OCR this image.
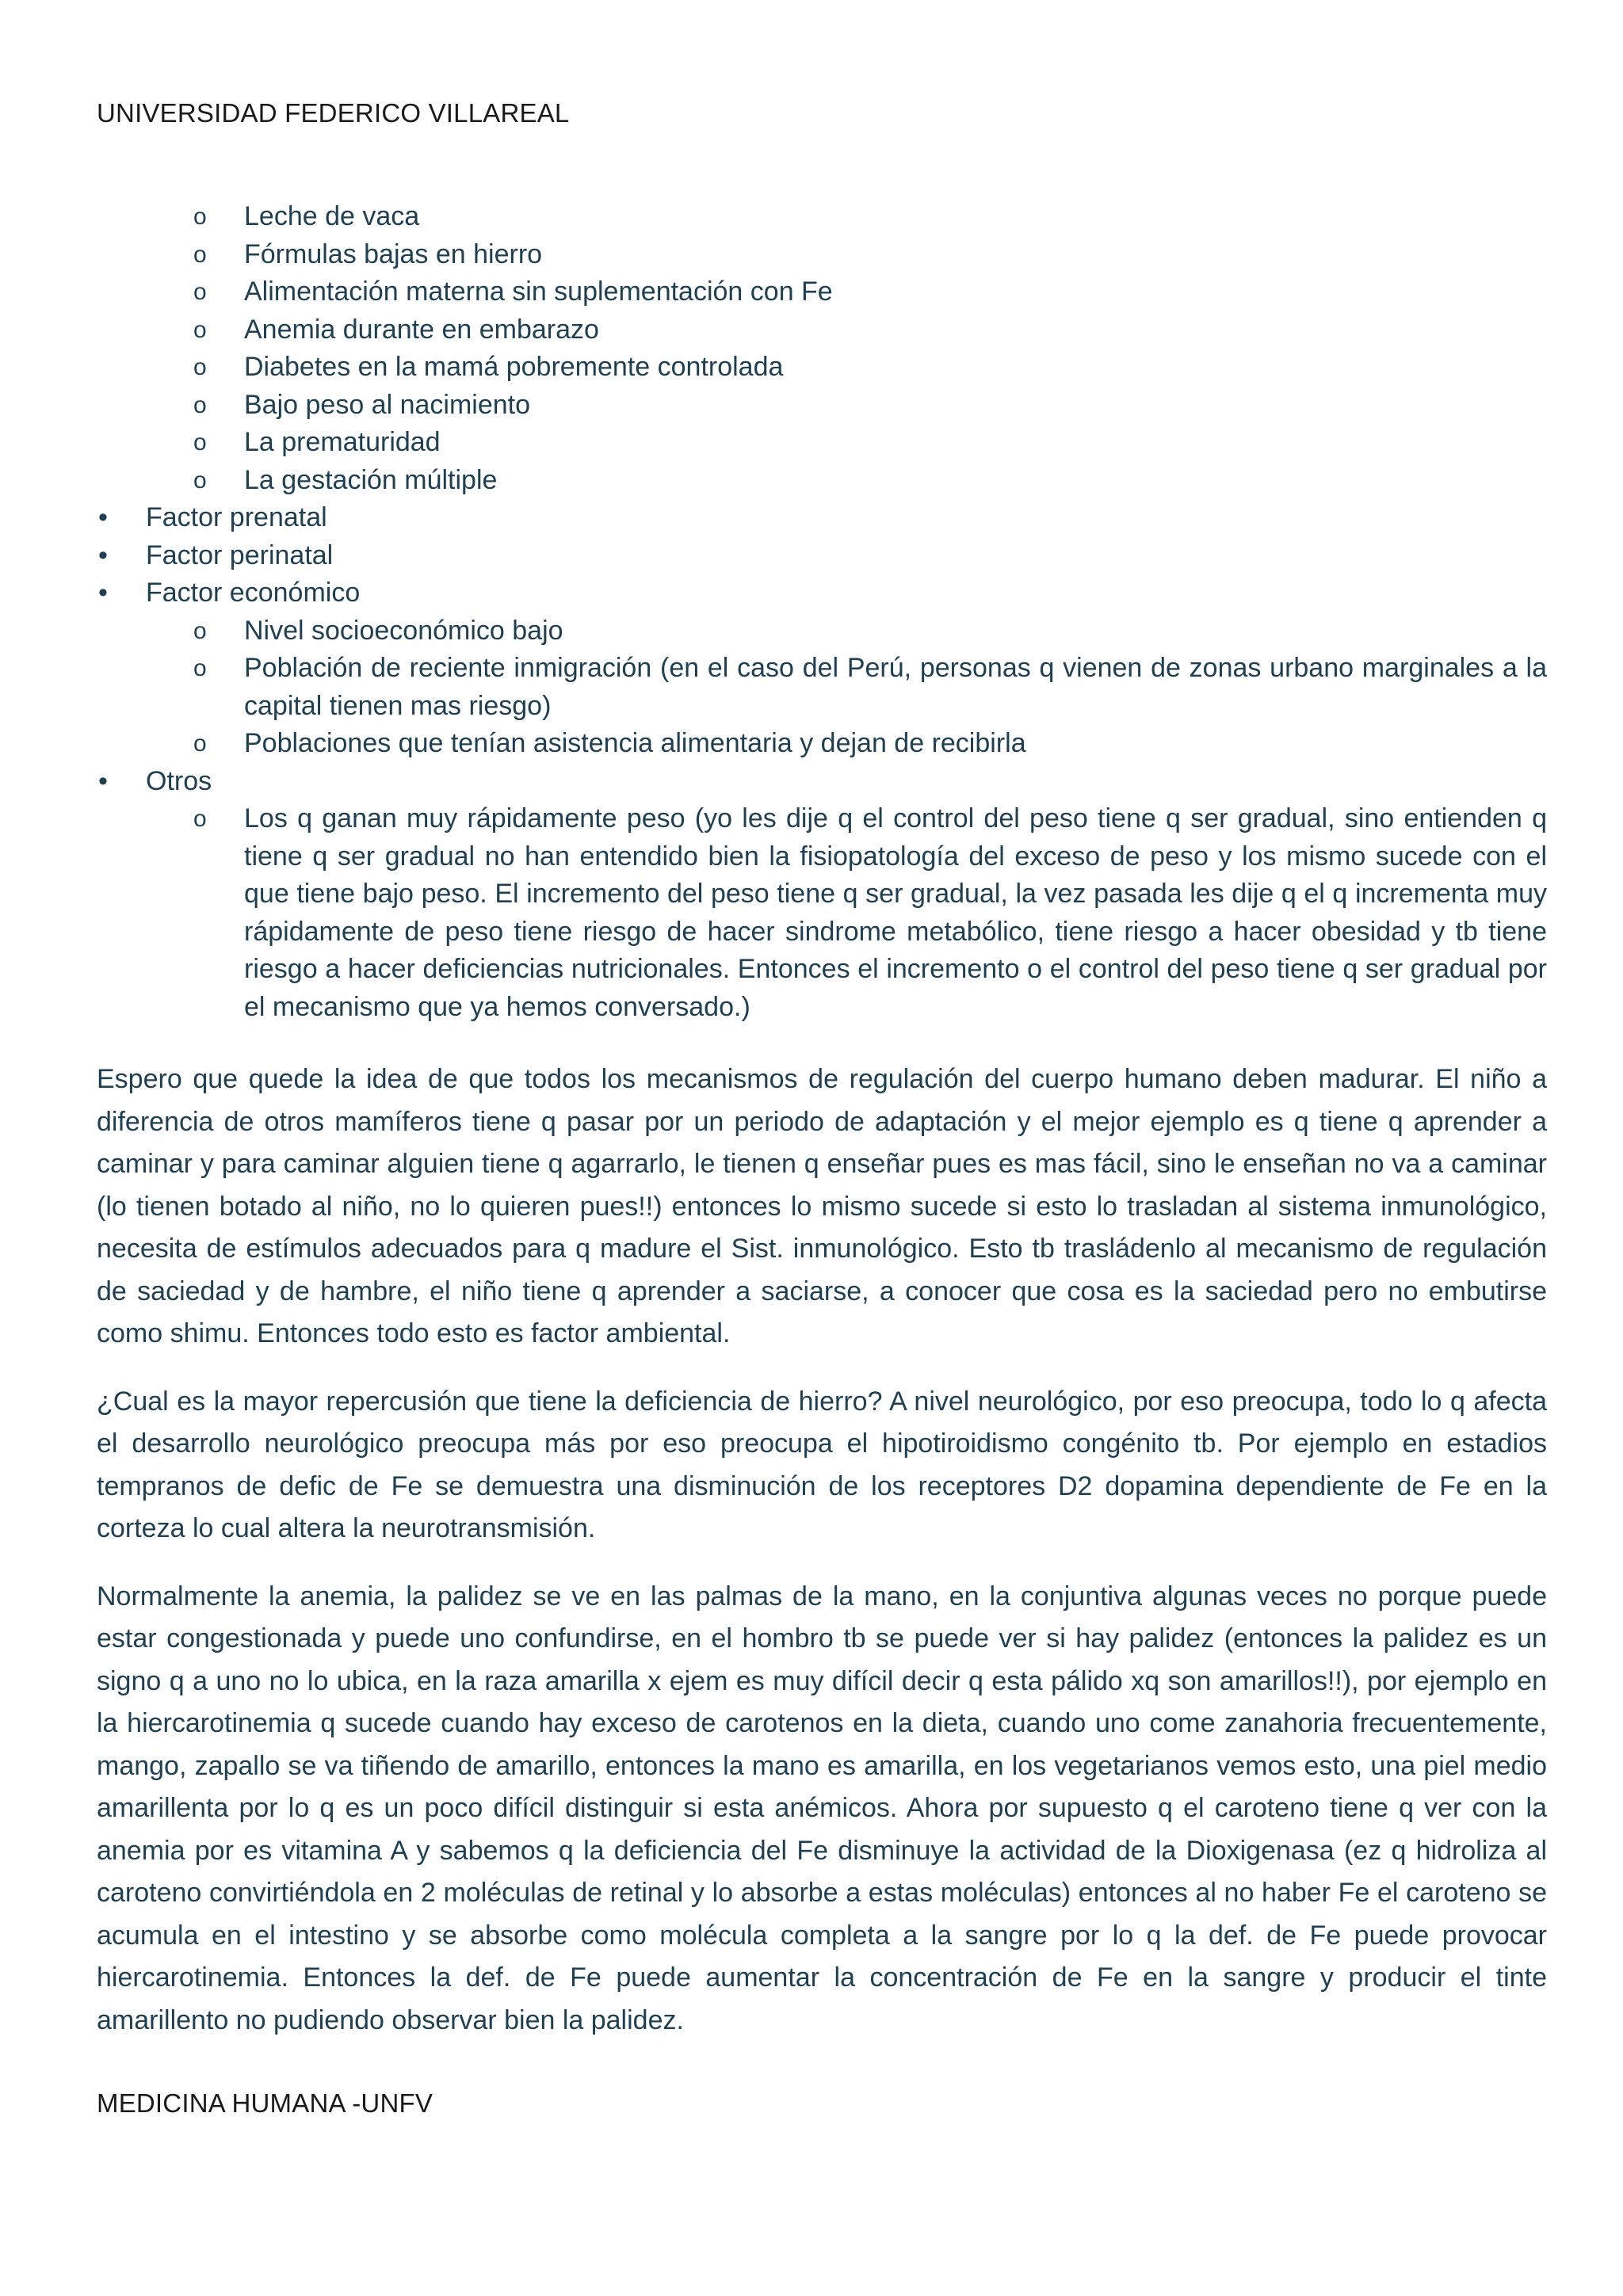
UNIVERSIDAD FEDERICO VILLAREAL
o Leche de vaca
o Fórmulas bajas en hierro
o Alimentación materna sin suplementación con Fe
o Anemia durante en embarazo
o Diabetes en la mamá pobremente controlada
o Bajo peso al nacimiento
o La prematuridad
o La gestación múltiple
• Factor prenatal
• Factor perinatal
• Factor económico
o Nivel socioeconómico bajo
o Población de reciente inmigración (en el caso del Perú, personas q vienen de zonas urbano marginales a la capital tienen mas riesgo)
o Poblaciones que tenían asistencia alimentaria y dejan de recibirla
• Otros
o Los q ganan muy rápidamente peso (yo les dije q el control del peso tiene q ser gradual, sino entienden q tiene q ser gradual no han entendido bien la fisiopatología del exceso de peso y los mismo sucede con el que tiene bajo peso. El incremento del peso tiene q ser gradual, la vez pasada les dije q el q incrementa muy rápidamente de peso tiene riesgo de hacer sindrome metabólico, tiene riesgo a hacer obesidad y tb tiene riesgo a hacer deficiencias nutricionales. Entonces el incremento o el control del peso tiene q ser gradual por el mecanismo que ya hemos conversado.)

Espero que quede la idea de que todos los mecanismos de regulación del cuerpo humano deben madurar. El niño a diferencia de otros mamíferos tiene q pasar por un periodo de adaptación y el mejor ejemplo es q tiene q aprender a caminar y para caminar alguien tiene q agarrarlo, le tienen q enseñar pues es mas fácil, sino le enseñan no va a caminar (lo tienen botado al niño, no lo quieren pues!!) entonces lo mismo sucede si esto lo trasladan al sistema inmunológico, necesita de estímulos adecuados para q madure el Sist. inmunológico. Esto tb trasládenlo al mecanismo de regulación de saciedad y de hambre, el niño tiene q aprender a saciarse, a conocer que cosa es la saciedad pero no embutirse como shimu. Entonces todo esto es factor ambiental.

¿Cual es la mayor repercusión que tiene la deficiencia de hierro? A nivel neurológico, por eso preocupa, todo lo q afecta el desarrollo neurológico preocupa más por eso preocupa el hipotiroidismo congénito tb. Por ejemplo en estadios tempranos de defic de Fe se demuestra una disminución de los receptores D2 dopamina dependiente de Fe en la corteza lo cual altera la neurotransmisión.

Normalmente la anemia, la palidez se ve en las palmas de la mano, en la conjuntiva algunas veces no porque puede estar congestionada y puede uno confundirse, en el hombro tb se puede ver si hay palidez (entonces la palidez es un signo q a uno no lo ubica, en la raza amarilla x ejem es muy difícil decir q esta pálido xq son amarillos!!), por ejemplo en la hiercarotinemia q sucede cuando hay exceso de carotenos en la dieta, cuando uno come zanahoria frecuentemente, mango, zapallo se va tiñendo de amarillo, entonces la mano es amarilla, en los vegetarianos vemos esto, una piel medio amarillenta por lo q es un poco difícil distinguir si esta anémicos. Ahora por supuesto q el caroteno tiene q ver con la anemia por es vitamina A y sabemos q la deficiencia del Fe disminuye la actividad de la Dioxigenasa (ez q hidroliza al caroteno convirtiéndola en 2 moléculas de retinal y lo absorbe a estas moléculas) entonces al no haber Fe el caroteno se acumula en el intestino y se absorbe como molécula completa a la sangre por lo q la def. de Fe puede provocar hiercarotinemia. Entonces la def. de Fe puede aumentar la concentración de Fe en la sangre y producir el tinte amarillento no pudiendo observar bien la palidez.

MEDICINA HUMANA -UNFV
